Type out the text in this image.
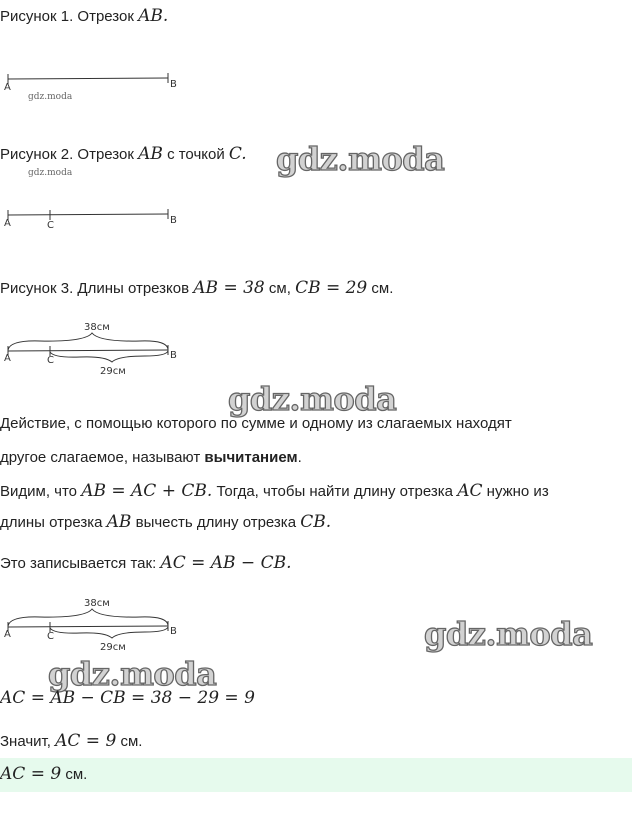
Рисунок 1. Отрезок AB.
A	B
gdz.moda
Рисунок 2. Отрезок AB с точкой C.
gdz.moda	gdz.moda
A	C	B
Рисунок 3. Длины отрезков AB = 38 см, CB = 29 см.
38см
A	C	B
29см
gdz.moda
Действие, с помощью которого по сумме и одному из слагаемых находят
другое слагаемое, называют вычитанием.
Видим, что AB = AC + CB. Тогда, чтобы найти длину отрезка AC нужно из
длины отрезка AB вычесть длину отрезка CB.
Это записывается так: AC = AB − CB.
38см
A	C	B
29см	gdz.moda
gdz.moda
AC = AB − CB = 38 − 29 = 9
Значит, AC = 9 см.
AC = 9 см.
